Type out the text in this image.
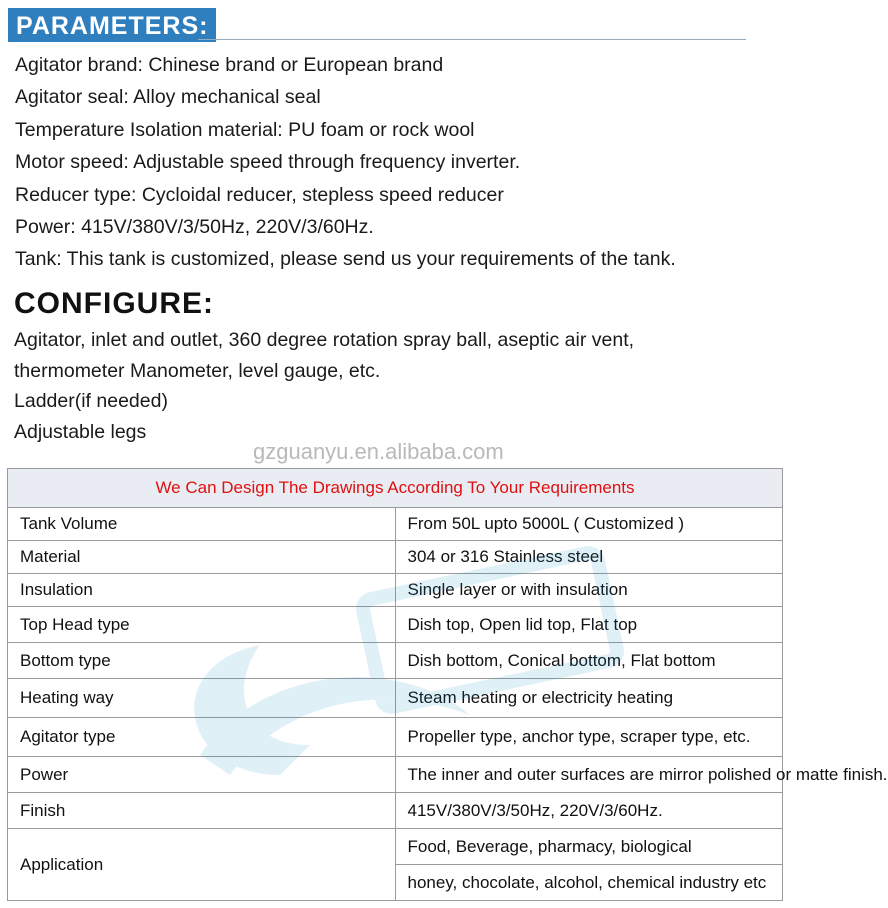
PARAMETERS:
Agitator brand: Chinese brand or European brand
Agitator seal: Alloy mechanical seal
Temperature Isolation material: PU foam or rock wool
Motor speed: Adjustable speed through frequency inverter.
Reducer type: Cycloidal reducer, stepless speed reducer
Power: 415V/380V/3/50Hz, 220V/3/60Hz.
Tank: This tank is customized, please send us your requirements of the tank.
CONFIGURE:
Agitator, inlet and outlet, 360 degree rotation spray ball, aseptic air vent,
thermometer Manometer, level gauge, etc.
Ladder(if needed)
Adjustable legs
gzguanyu.en.alibaba.com
We Can Design The Drawings According To Your Requirements	
Tank Volume	From 50L upto 5000L ( Customized )
Material	304 or 316 Stainless steel
Insulation	Single layer or with insulation
Top Head type	Dish top, Open lid top, Flat top
Bottom type	Dish bottom, Conical bottom, Flat bottom
Heating way	Steam heating or electricity heating
Agitator type	Propeller type, anchor type, scraper type, etc.
Power	The inner and outer surfaces are mirror polished or matte finish.
Finish	415V/380V/3/50Hz, 220V/3/60Hz.
Application	Food, Beverage, pharmacy, biological
	honey, chocolate, alcohol, chemical industry etc
